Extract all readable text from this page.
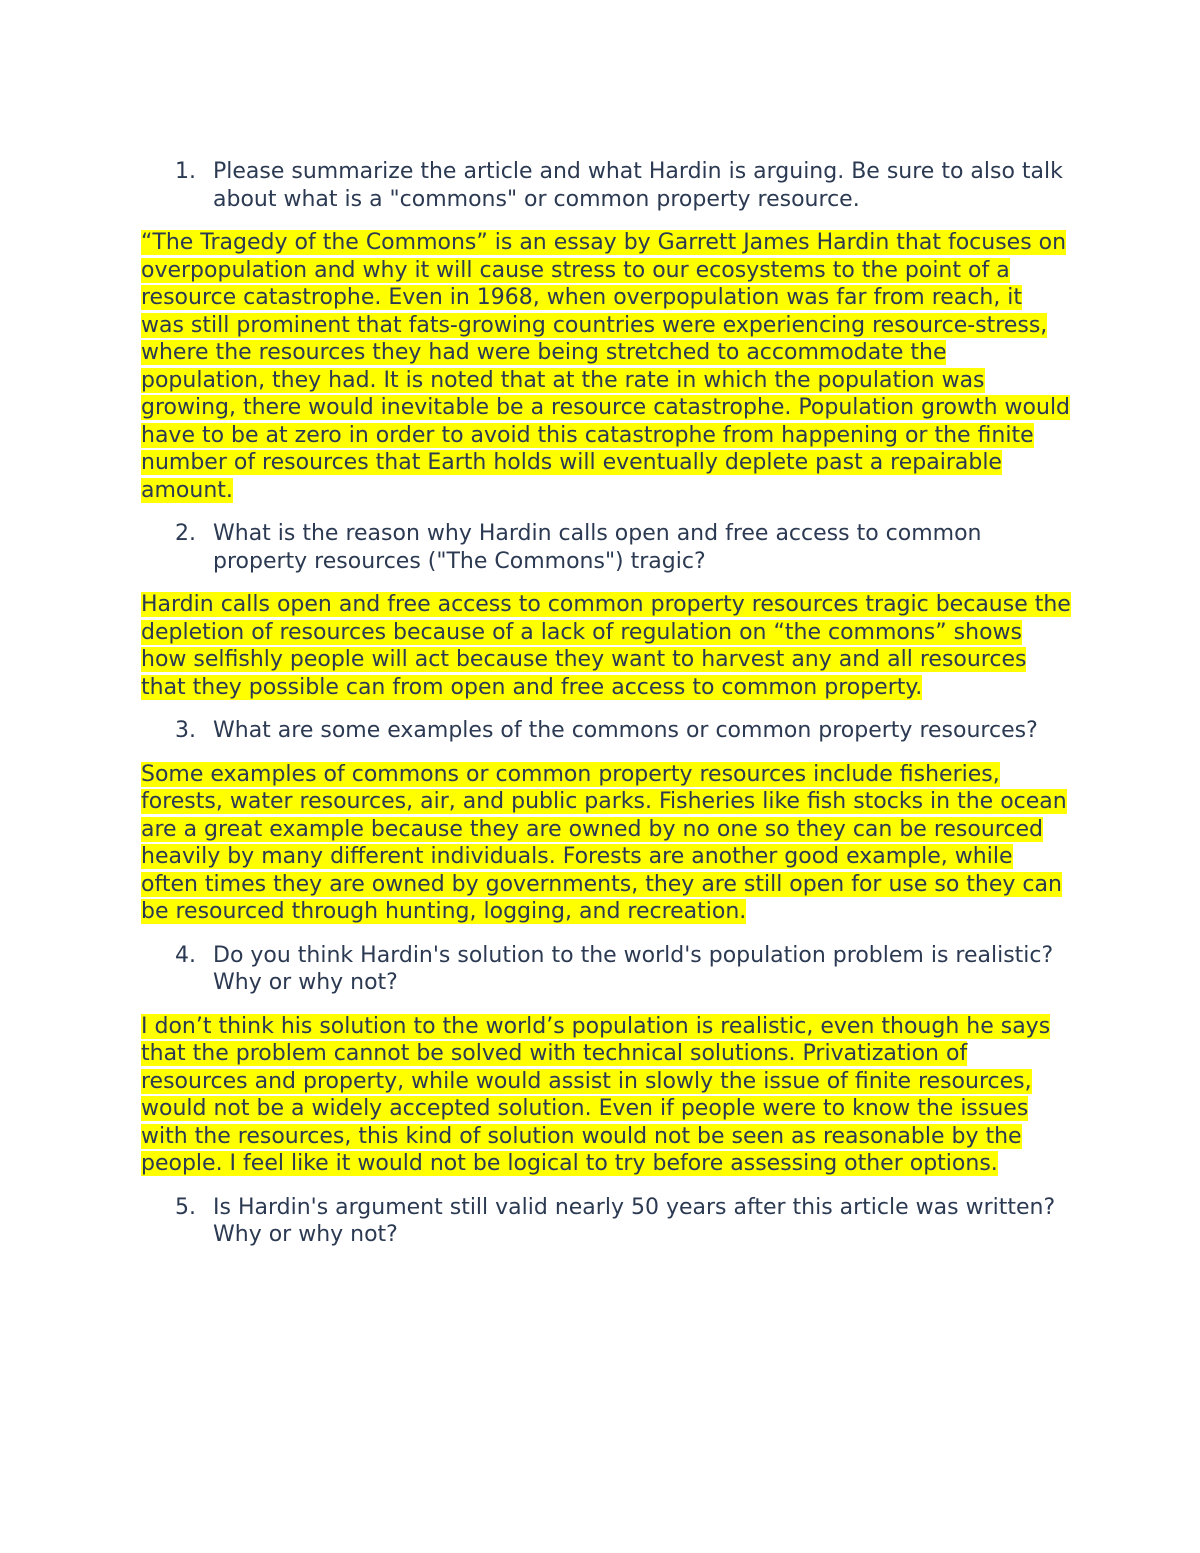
1. Please summarize the article and what Hardin is arguing. Be sure to also talk about what is a "commons" or common property resource.
“The Tragedy of the Commons” is an essay by Garrett James Hardin that focuses on overpopulation and why it will cause stress to our ecosystems to the point of a resource catastrophe. Even in 1968, when overpopulation was far from reach, it was still prominent that fats-growing countries were experiencing resource-stress, where the resources they had were being stretched to accommodate the population, they had. It is noted that at the rate in which the population was growing, there would inevitable be a resource catastrophe. Population growth would have to be at zero in order to avoid this catastrophe from happening or the finite number of resources that Earth holds will eventually deplete past a repairable amount.
2. What is the reason why Hardin calls open and free access to common property resources ("The Commons") tragic?
Hardin calls open and free access to common property resources tragic because the depletion of resources because of a lack of regulation on “the commons” shows how selfishly people will act because they want to harvest any and all resources that they possible can from open and free access to common property.
3. What are some examples of the commons or common property resources?
Some examples of commons or common property resources include fisheries, forests, water resources, air, and public parks. Fisheries like fish stocks in the ocean are a great example because they are owned by no one so they can be resourced heavily by many different individuals. Forests are another good example, while often times they are owned by governments, they are still open for use so they can be resourced through hunting, logging, and recreation.
4. Do you think Hardin's solution to the world's population problem is realistic? Why or why not?
I don’t think his solution to the world’s population is realistic, even though he says that the problem cannot be solved with technical solutions. Privatization of resources and property, while would assist in slowly the issue of finite resources, would not be a widely accepted solution. Even if people were to know the issues with the resources, this kind of solution would not be seen as reasonable by the people. I feel like it would not be logical to try before assessing other options.
5. Is Hardin's argument still valid nearly 50 years after this article was written? Why or why not?
